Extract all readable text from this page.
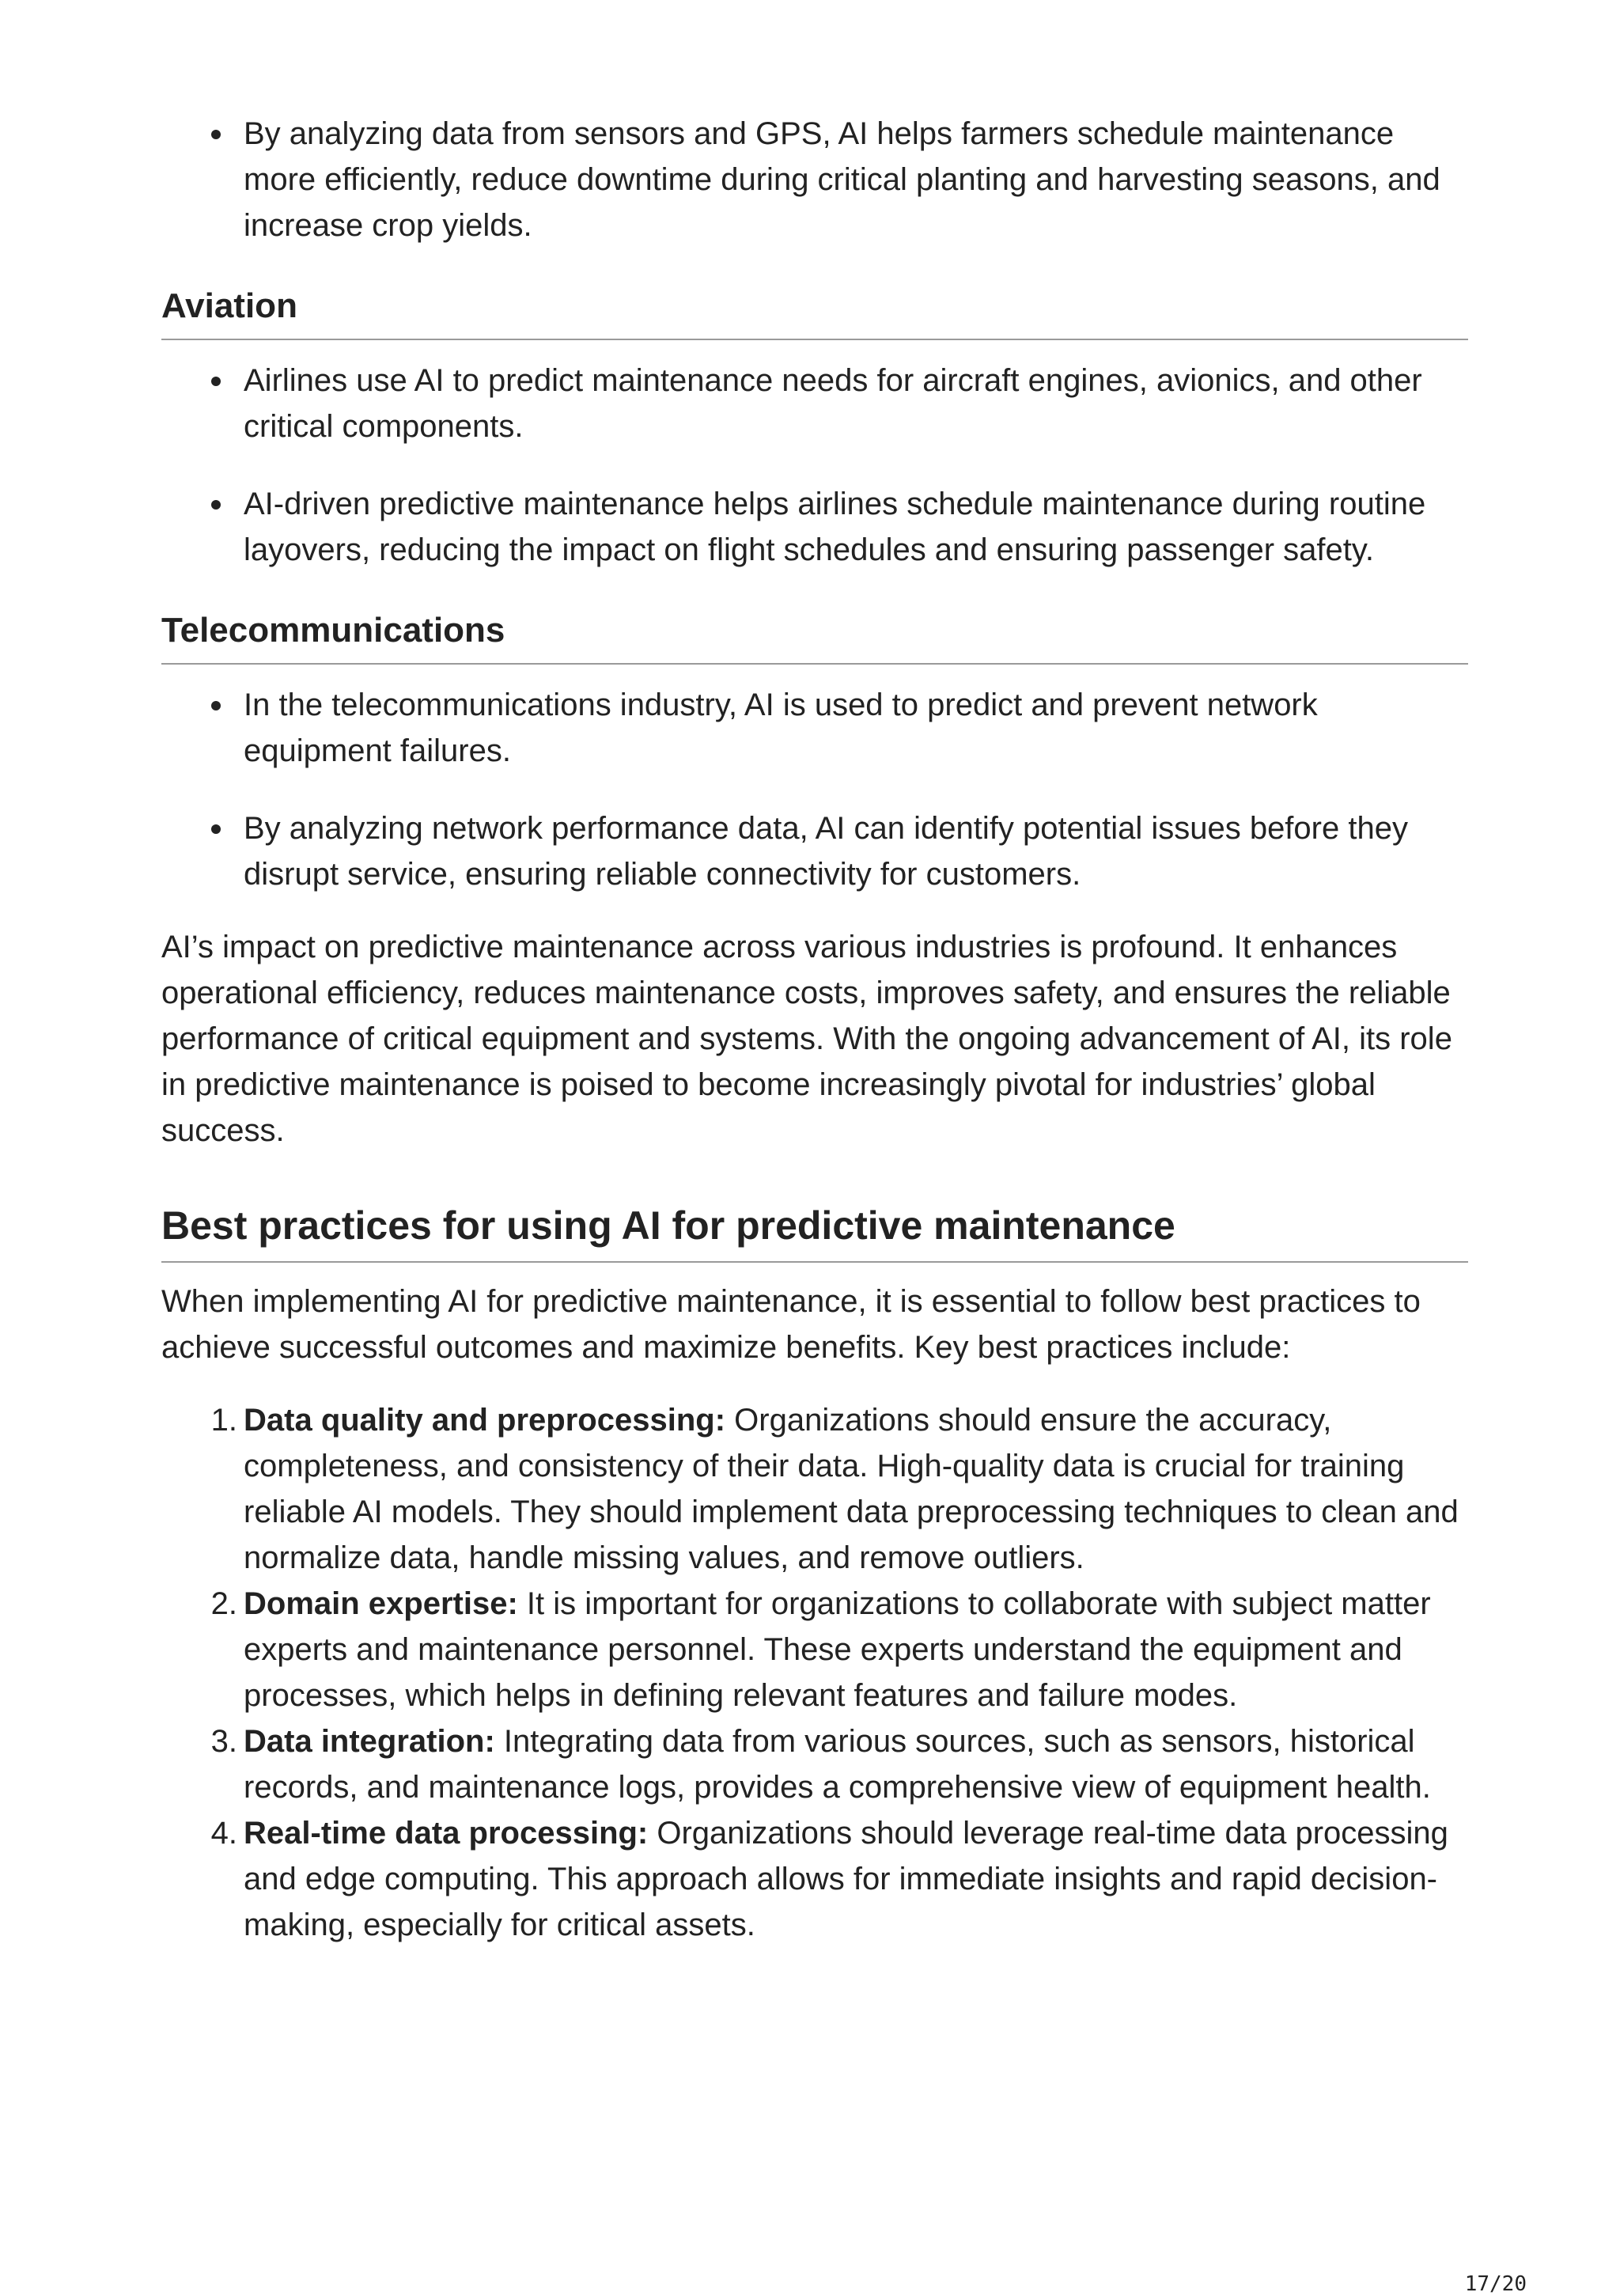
By analyzing data from sensors and GPS, AI helps farmers schedule maintenance more efficiently, reduce downtime during critical planting and harvesting seasons, and increase crop yields.
Aviation
Airlines use AI to predict maintenance needs for aircraft engines, avionics, and other critical components.
AI-driven predictive maintenance helps airlines schedule maintenance during routine layovers, reducing the impact on flight schedules and ensuring passenger safety.
Telecommunications
In the telecommunications industry, AI is used to predict and prevent network equipment failures.
By analyzing network performance data, AI can identify potential issues before they disrupt service, ensuring reliable connectivity for customers.

AI’s impact on predictive maintenance across various industries is profound. It enhances operational efficiency, reduces maintenance costs, improves safety, and ensures the reliable performance of critical equipment and systems. With the ongoing advancement of AI, its role in predictive maintenance is poised to become increasingly pivotal for industries’ global success.

Best practices for using AI for predictive maintenance

When implementing AI for predictive maintenance, it is essential to follow best practices to achieve successful outcomes and maximize benefits. Key best practices include:

1. Data quality and preprocessing: Organizations should ensure the accuracy, completeness, and consistency of their data. High-quality data is crucial for training reliable AI models. They should implement data preprocessing techniques to clean and normalize data, handle missing values, and remove outliers.
2. Domain expertise: It is important for organizations to collaborate with subject matter experts and maintenance personnel. These experts understand the equipment and processes, which helps in defining relevant features and failure modes.
3. Data integration: Integrating data from various sources, such as sensors, historical records, and maintenance logs, provides a comprehensive view of equipment health.
4. Real-time data processing: Organizations should leverage real-time data processing and edge computing. This approach allows for immediate insights and rapid decision-making, especially for critical assets.
17/20
